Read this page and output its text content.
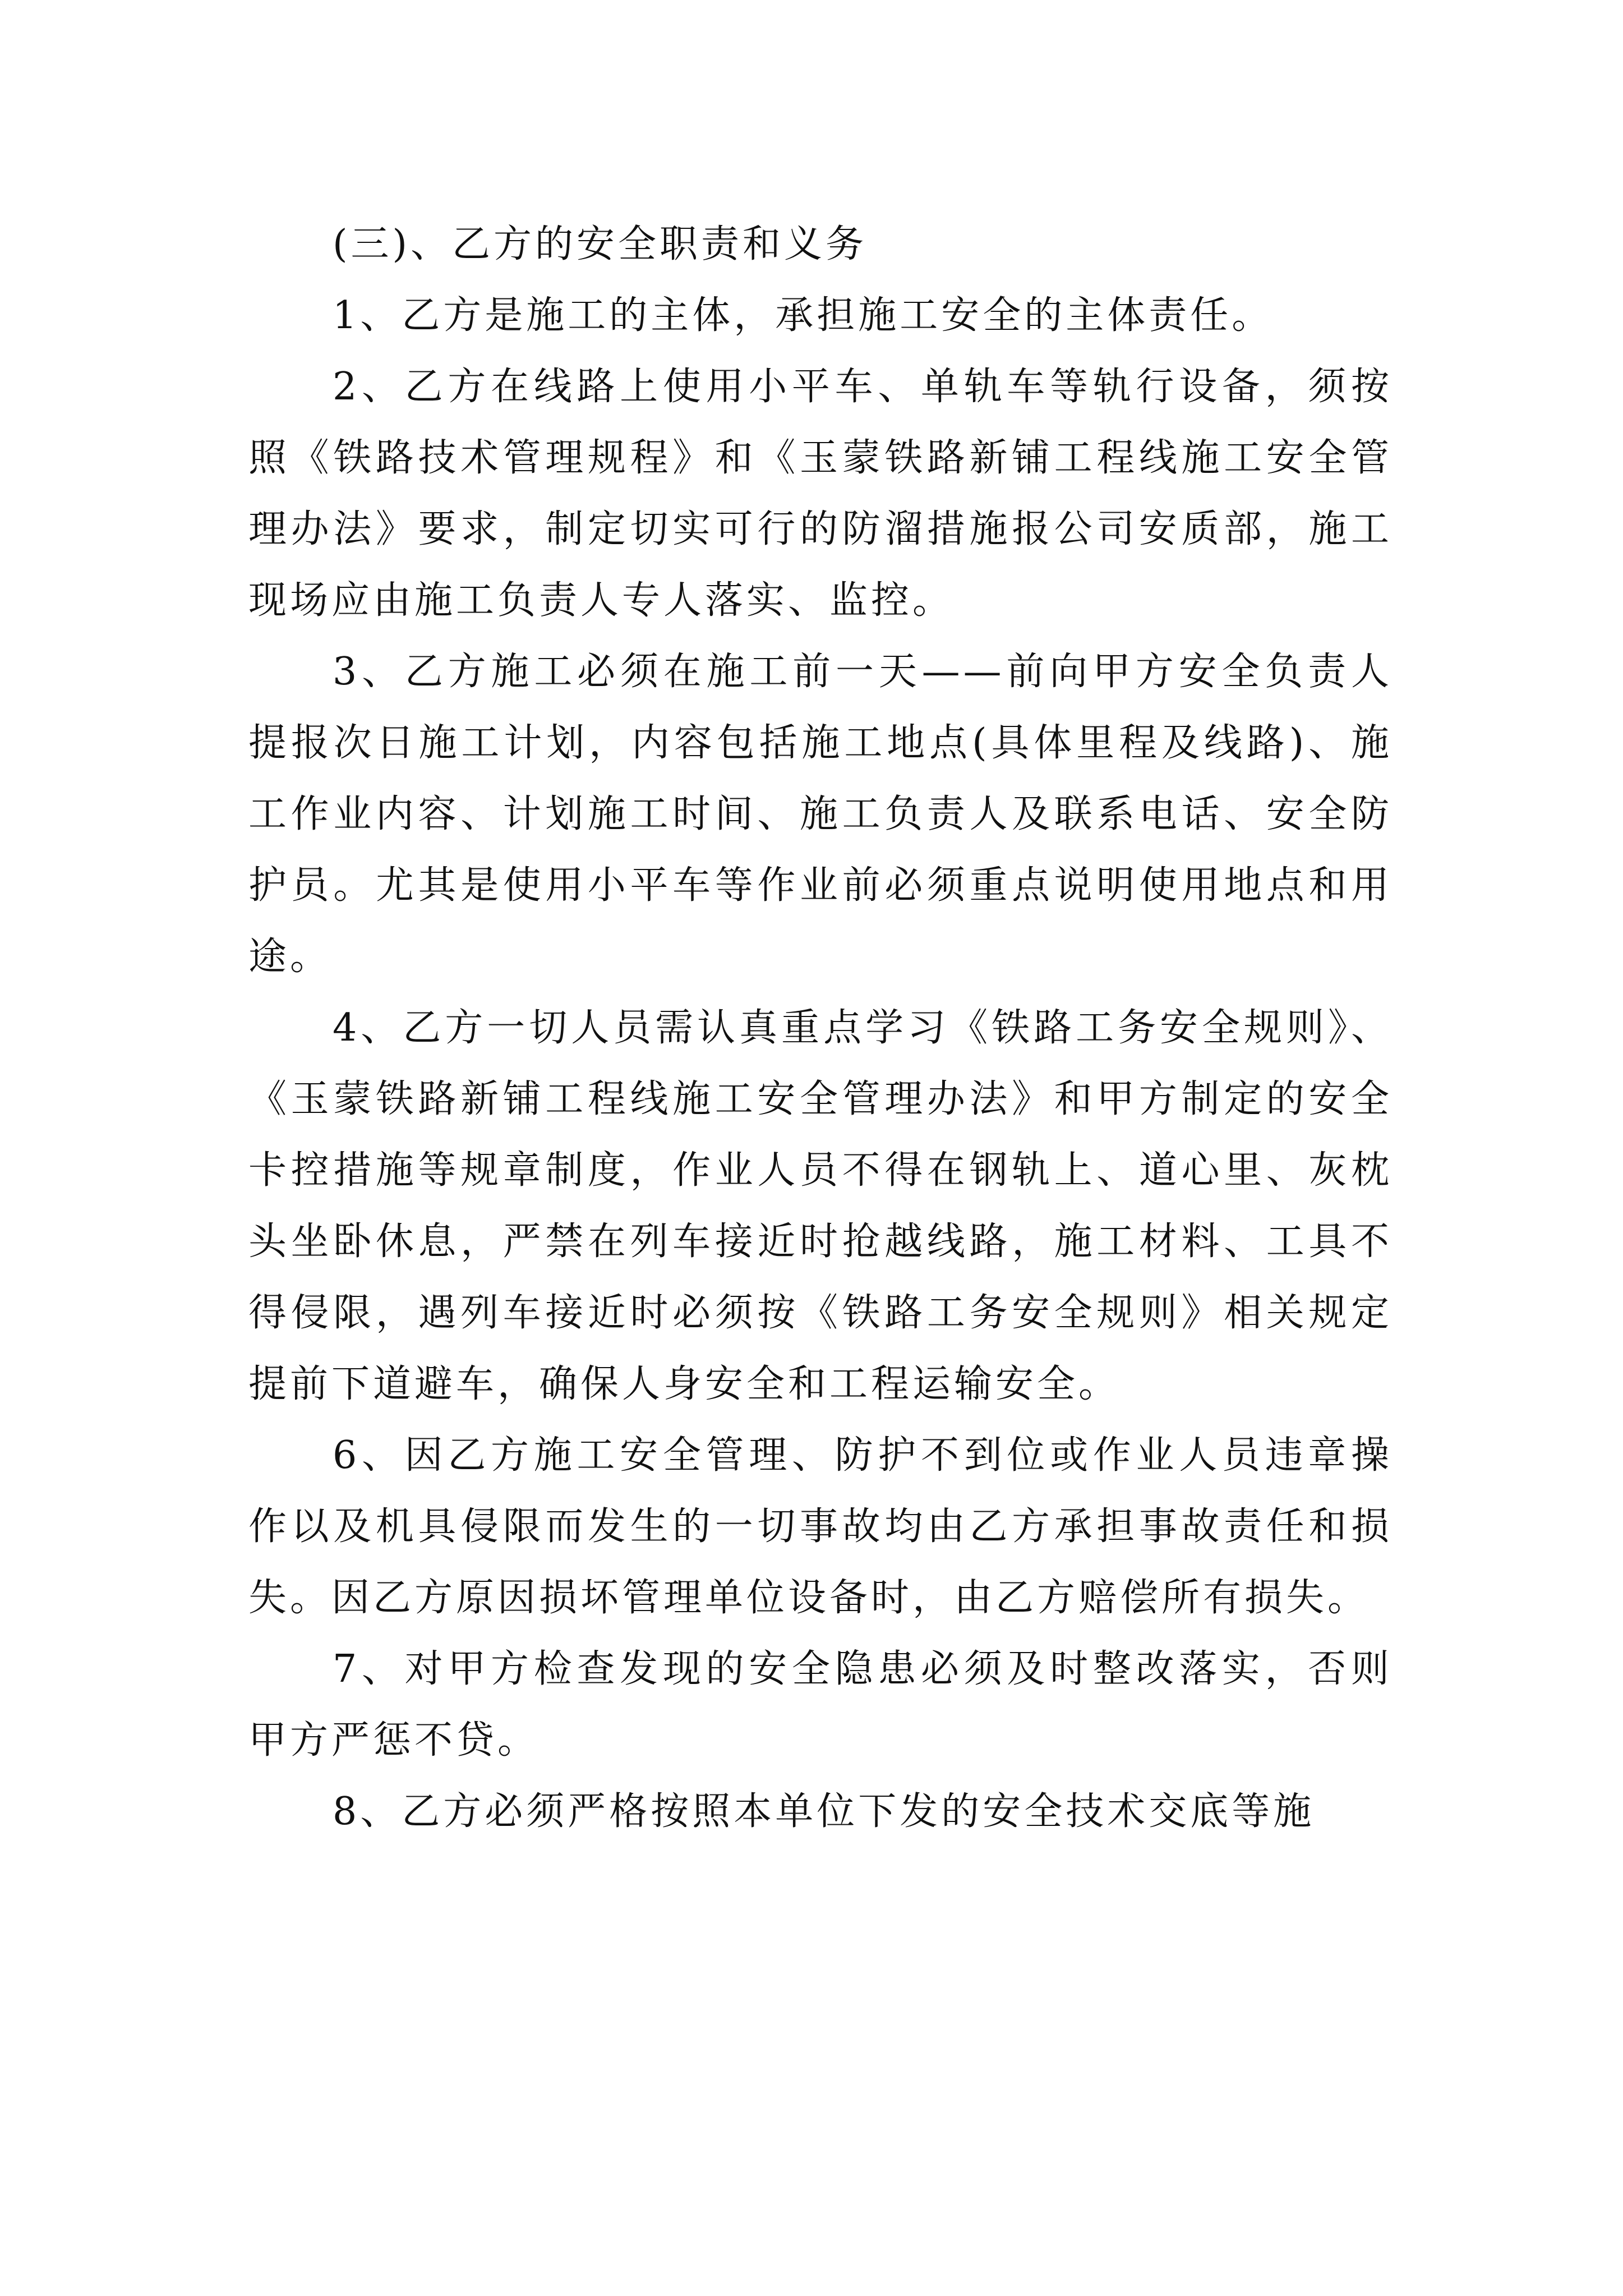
(三)、乙方的安全职责和义务

1、乙方是施工的主体，承担施工安全的主体责任。

2、乙方在线路上使用小平车、单轨车等轨行设备，须按照《铁路技术管理规程》和《玉蒙铁路新铺工程线施工安全管理办法》要求，制定切实可行的防溜措施报公司安质部，施工现场应由施工负责人专人落实、监控。

3、乙方施工必须在施工前一天——前向甲方安全负责人提报次日施工计划，内容包括施工地点(具体里程及线路)、施工作业内容、计划施工时间、施工负责人及联系电话、安全防护员。尤其是使用小平车等作业前必须重点说明使用地点和用途。

4、乙方一切人员需认真重点学习《铁路工务安全规则》、《玉蒙铁路新铺工程线施工安全管理办法》和甲方制定的安全卡控措施等规章制度，作业人员不得在钢轨上、道心里、灰枕头坐卧休息，严禁在列车接近时抢越线路，施工材料、工具不得侵限，遇列车接近时必须按《铁路工务安全规则》相关规定提前下道避车，确保人身安全和工程运输安全。

6、因乙方施工安全管理、防护不到位或作业人员违章操作以及机具侵限而发生的一切事故均由乙方承担事故责任和损失。因乙方原因损坏管理单位设备时，由乙方赔偿所有损失。

7、对甲方检查发现的安全隐患必须及时整改落实，否则甲方严惩不贷。

8、乙方必须严格按照本单位下发的安全技术交底等施
